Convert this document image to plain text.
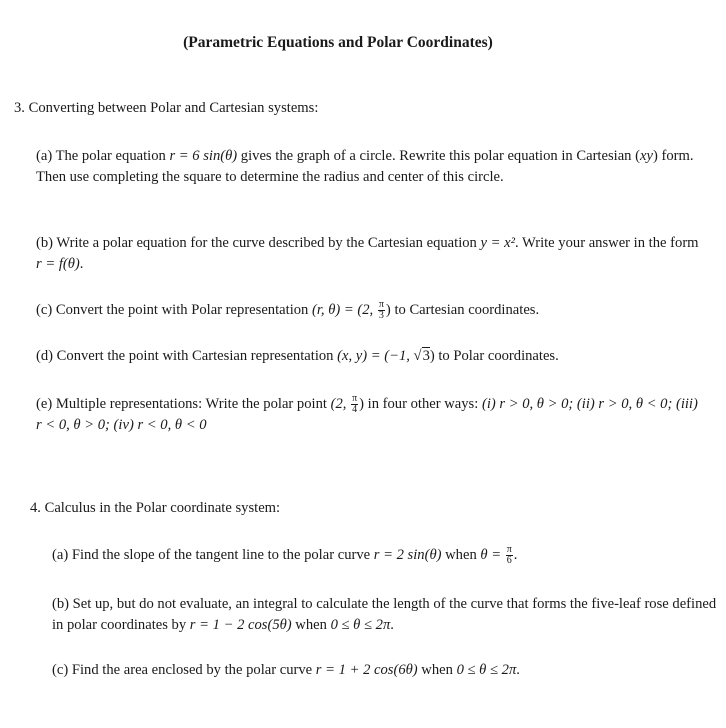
(Parametric Equations and Polar Coordinates)
3. Converting between Polar and Cartesian systems:
(a) The polar equation r = 6 sin(θ) gives the graph of a circle. Rewrite this polar equation in Cartesian (xy) form. Then use completing the square to determine the radius and center of this circle.
(b) Write a polar equation for the curve described by the Cartesian equation y = x². Write your answer in the form r = f(θ).
(c) Convert the point with Polar representation (r, θ) = (2, $\frac{\pi}{3}$ ) to Cartesian coordinates.
(d) Convert the point with Cartesian representation (x, y) = (−1, √3) to Polar coordinates.
(e) Multiple representations: Write the polar point (2, $\frac{\pi}{4}$ ) in four other ways: (i) r > 0, θ > 0; (ii) r > 0, θ < 0; (iii) r < 0, θ > 0; (iv) r < 0, θ < 0
4. Calculus in the Polar coordinate system:
(a) Find the slope of the tangent line to the polar curve r = 2 sin(θ) when $\theta = \frac{\pi}{6}$ .
(b) Set up, but do not evaluate, an integral to calculate the length of the curve that forms the five-leaf rose defined in polar coordinates by r = 1 − 2 cos(5θ) when 0 ≤ θ ≤ 2π.
(c) Find the area enclosed by the polar curve r = 1 + 2 cos(6θ) when 0 ≤ θ ≤ 2π.
